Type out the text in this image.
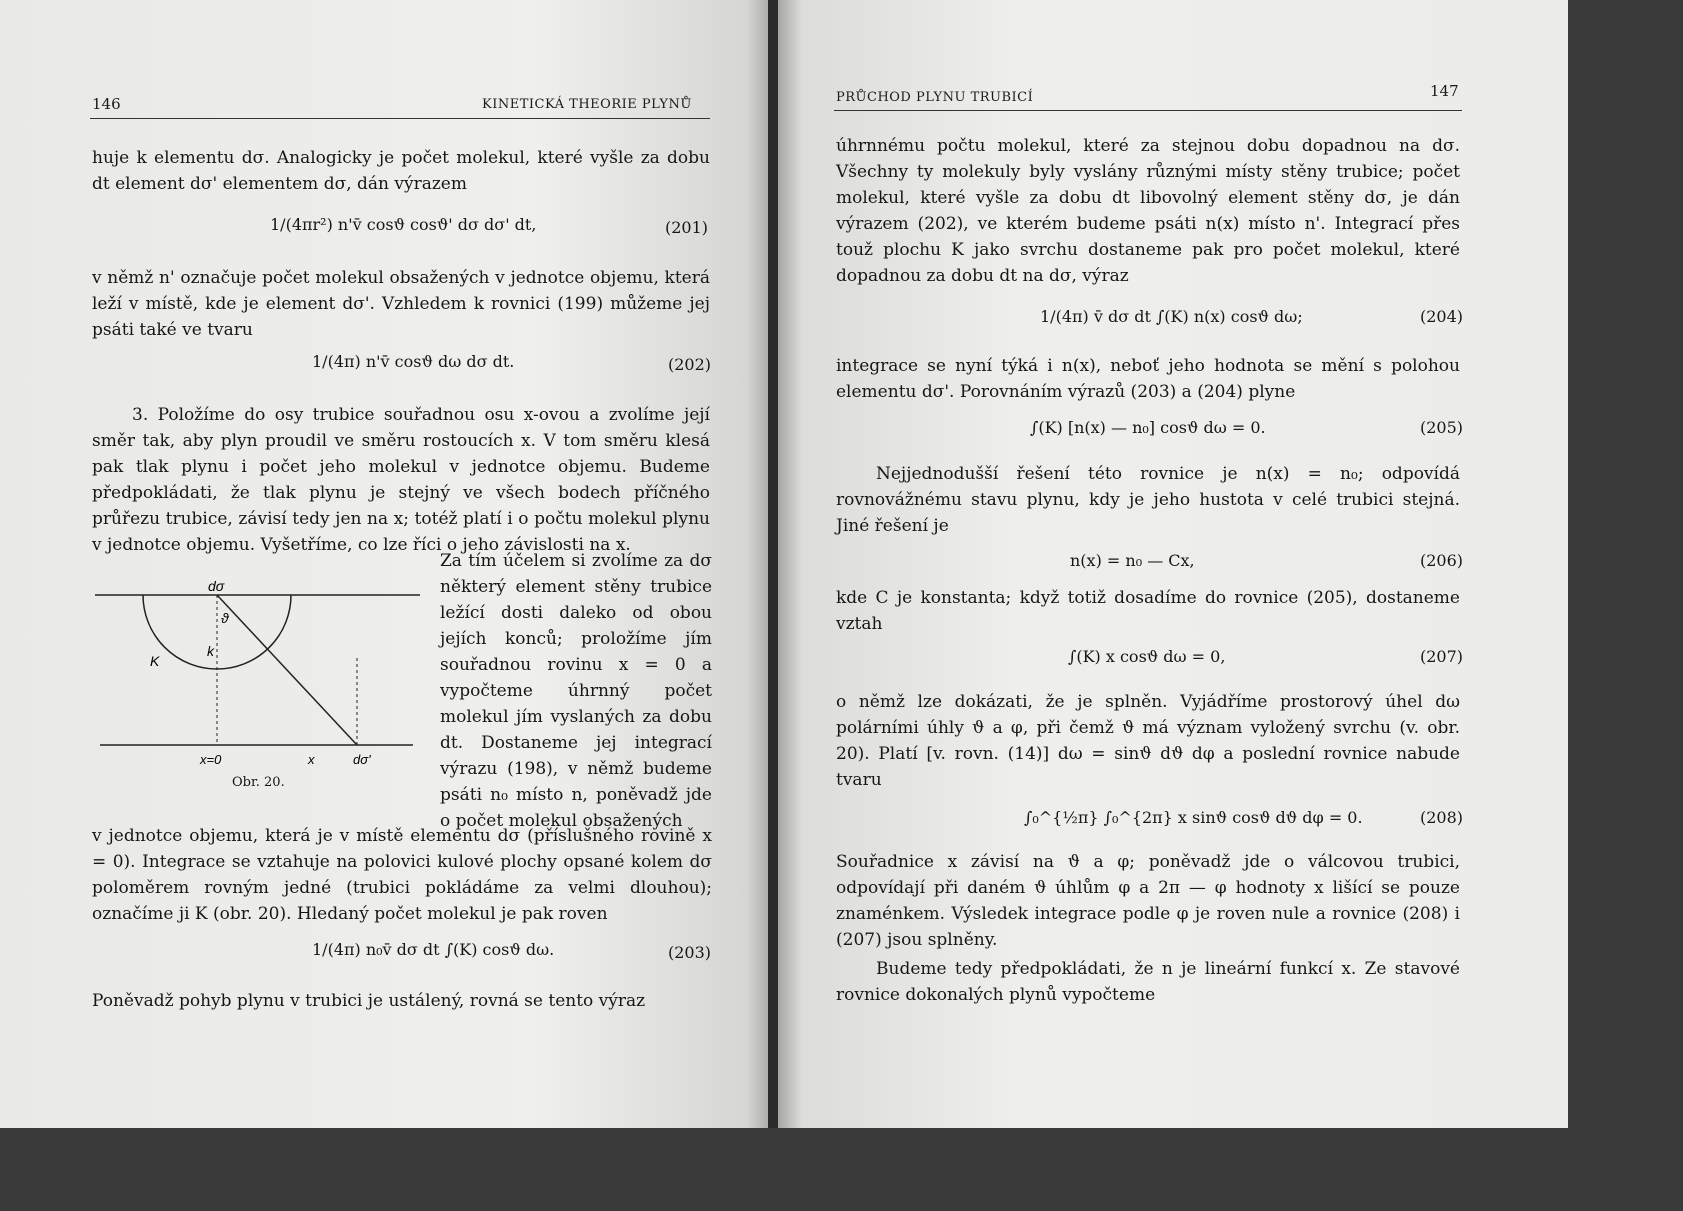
146	KINETICKÁ THEORIE PLYNŮ
huje k elementu dσ. Analogicky je počet molekul, které vyšle za dobu dt element dσ' elementem dσ, dán výrazem
1/(4πr²) n'v̄ cosϑ cosϑ' dσ dσ' dt,	(201)
v němž n' označuje počet molekul obsažených v jednotce objemu, která leží v místě, kde je element dσ'. Vzhledem k rovnici (199) můžeme jej psáti také ve tvaru
1/(4π) n'v̄ cosϑ dω dσ dt.	(202)
3. Položíme do osy trubice souřadnou osu x-ovou a zvolíme její směr tak, aby plyn proudil ve směru rostoucích x. V tom směru klesá pak tlak plynu i počet jeho molekul v jednotce objemu. Budeme předpokládati, že tlak plynu je stejný ve všech bodech příčného průřezu trubice, závisí tedy jen na x; totéž platí i o počtu molekul plynu v jednotce objemu. Vyšetříme, co lze říci o jeho závislosti na x.
Za tím účelem si zvolíme za dσ některý element stěny trubice ležící dosti daleko od obou jejích konců; proložíme jím souřadnou rovinu x = 0 a vypočteme úhrnný počet molekul jím vyslaných za dobu dt. Dostaneme jej integrací výrazu (198), v němž budeme psáti n₀ místo n, poněvadž jde o počet molekul obsažených
dσ
ϑ
K
k
x=0	x	dσ'
Obr. 20.
v jednotce objemu, která je v místě elementu dσ (příslušného rovině x = 0). Integrace se vztahuje na polovici kulové plochy opsané kolem dσ poloměrem rovným jedné (trubici pokládáme za velmi dlouhou); označíme ji K (obr. 20). Hledaný počet molekul je pak roven
1/(4π) n₀v̄ dσ dt ∫(K) cosϑ dω.	(203)
Poněvadž pohyb plynu v trubici je ustálený, rovná se tento výraz
PRŮCHOD PLYNU TRUBICÍ	147
úhrnnému počtu molekul, které za stejnou dobu dopadnou na dσ. Všechny ty molekuly byly vyslány různými místy stěny trubice; počet molekul, které vyšle za dobu dt libovolný element stěny dσ, je dán výrazem (202), ve kterém budeme psáti n(x) místo n'. Integrací přes touž plochu K jako svrchu dostaneme pak pro počet molekul, které dopadnou za dobu dt na dσ, výraz
1/(4π) v̄ dσ dt ∫(K) n(x) cosϑ dω;	(204)
integrace se nyní týká i n(x), neboť jeho hodnota se mění s polohou elementu dσ'. Porovnáním výrazů (203) a (204) plyne
∫(K) [n(x) — n₀] cosϑ dω = 0.	(205)
Nejjednodušší řešení této rovnice je n(x) = n₀; odpovídá rovnovážnému stavu plynu, kdy je jeho hustota v celé trubici stejná. Jiné řešení je
n(x) = n₀ — Cx,	(206)
kde C je konstanta; když totiž dosadíme do rovnice (205), dostaneme vztah
∫(K) x cosϑ dω = 0,	(207)
o němž lze dokázati, že je splněn. Vyjádříme prostorový úhel dω polárními úhly ϑ a φ, při čemž ϑ má význam vyložený svrchu (v. obr. 20). Platí [v. rovn. (14)] dω = sinϑ dϑ dφ a poslední rovnice nabude tvaru
∫₀^{½π} ∫₀^{2π} x sinϑ cosϑ dϑ dφ = 0.	(208)
Souřadnice x závisí na ϑ a φ; poněvadž jde o válcovou trubici, odpovídají při daném ϑ úhlům φ a 2π — φ hodnoty x lišící se pouze znaménkem. Výsledek integrace podle φ je roven nule a rovnice (208) i (207) jsou splněny.
Budeme tedy předpokládati, že n je lineární funkcí x. Ze stavové rovnice dokonalých plynů vypočteme
